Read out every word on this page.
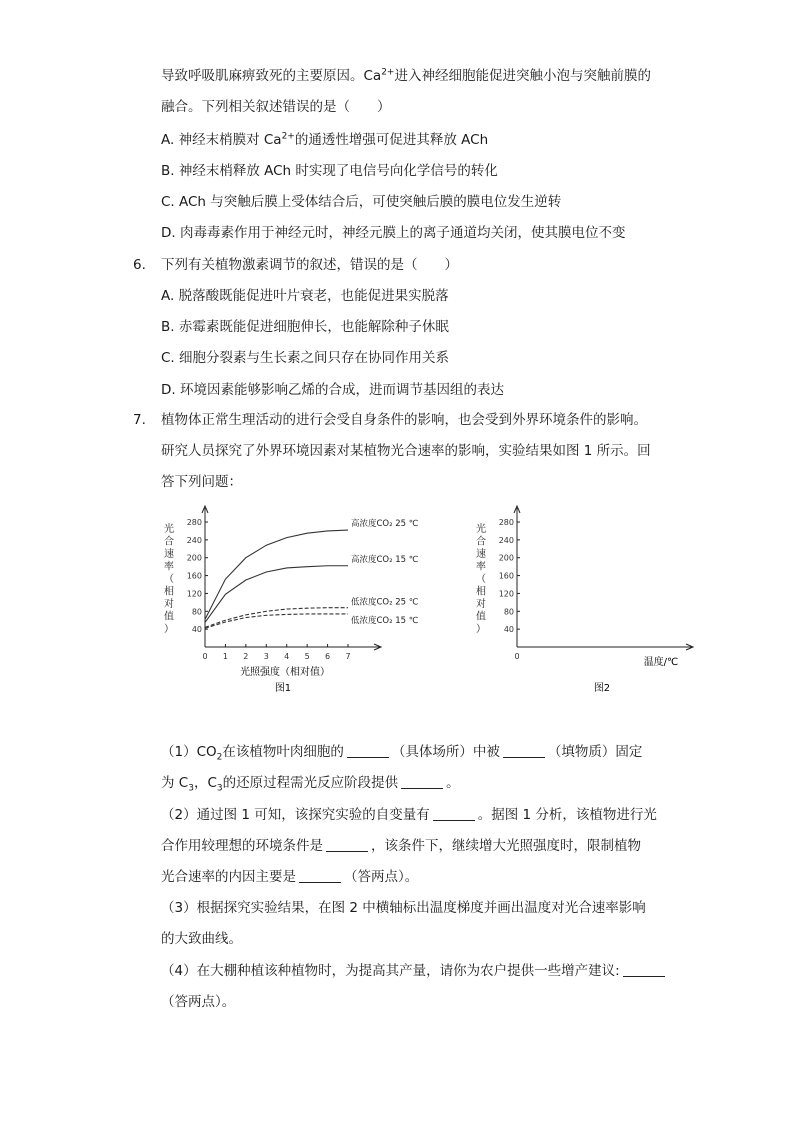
导致呼吸肌麻痹致死的主要原因。$Ca^{2+}$进入神经细胞能促进突触小泡与突触前膜的
融合。下列相关叙述错误的是（　　）
A. 神经末梢膜对 $Ca^{2+}$的通透性增强可促进其释放 ACh
B. 神经末梢释放 ACh 时实现了电信号向化学信号的转化
C. ACh 与突触后膜上受体结合后，可使突触后膜的膜电位发生逆转
D. 肉毒毒素作用于神经元时，神经元膜上的离子通道均关闭，使其膜电位不变
6. 下列有关植物激素调节的叙述，错误的是（　　）
A. 脱落酸既能促进叶片衰老，也能促进果实脱落
B. 赤霉素既能促进细胞伸长，也能解除种子休眠
C. 细胞分裂素与生长素之间只存在协同作用关系
D. 环境因素能够影响乙烯的合成，进而调节基因组的表达
7. 植物体正常生理活动的进行会受自身条件的影响，也会受到外界环境条件的影响。
研究人员探究了外界环境因素对某植物光合速率的影响，实验结果如图 1 所示。回
答下列问题：
40
80
120
160
200
240
280
光
合
速
率
（
相
对
值
）
0 1 2 3 4 5 6 7
高浓度CO₂ 25 ℃
高浓度CO₂ 15 ℃
低浓度CO₂ 25 ℃
低浓度CO₂ 15 ℃
光照强度（相对值）
图1
40
80
120
160
200
240
280
光
合
速
率
（
相
对
值
）
0
温度/℃
图2
$(1)CO_2$在该植物叶肉细胞的	（具体场所）中被	（填物质）固定
为 $C_3$，$C_3$的还原过程需光反应阶段提供	。
（2）通过图 1 可知，该探究实验的自变量有	。据图 1 分析，该植物进行光
合作用较理想的环境条件是	，该条件下，继续增大光照强度时，限制植物
光合速率的内因主要是	（答两点）。
（3）根据探究实验结果，在图 2 中横轴标出温度梯度并画出温度对光合速率影响
的大致曲线。
（4）在大棚种植该种植物时，为提高其产量，请你为农户提供一些增产建议:
（答两点）。
